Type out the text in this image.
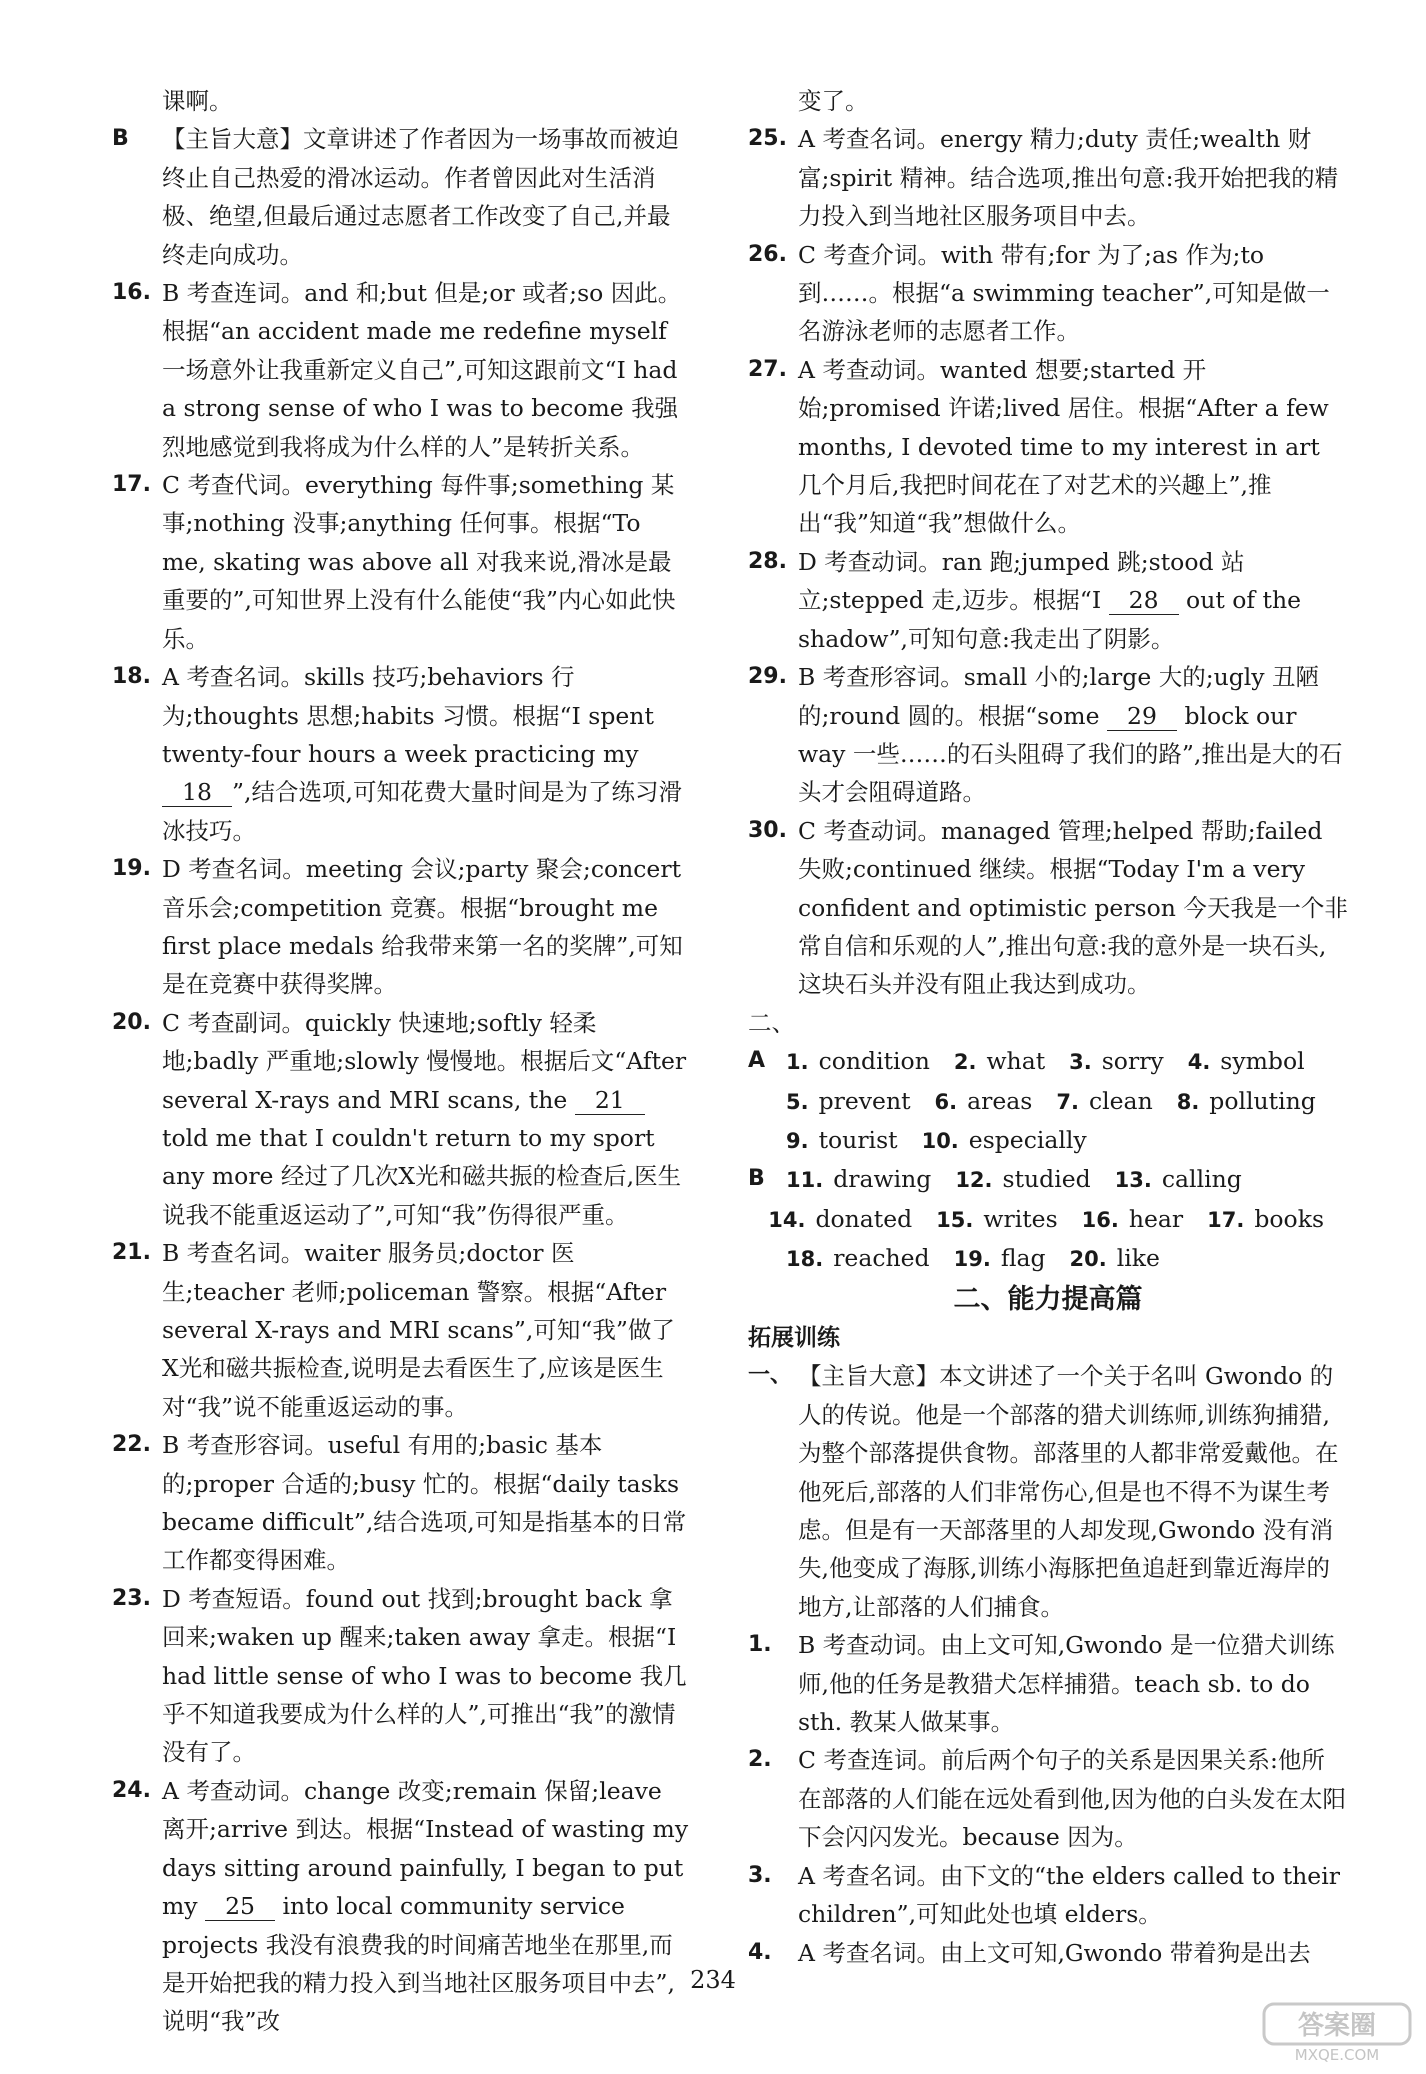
课啊。

B 【主旨大意】文章讲述了作者因为一场事故而被迫终止自己热爱的滑冰运动。作者曾因此对生活消极、绝望,但最后通过志愿者工作改变了自己,并最终走向成功。

16. B 考查连词。and 和;but 但是;or 或者;so 因此。根据“an accident made me redefine myself 一场意外让我重新定义自己”,可知这跟前文“I had a strong sense of who I was to become 我强烈地感觉到我将成为什么样的人”是转折关系。

17. C 考查代词。everything 每件事;something 某事;nothing 没事;anything 任何事。根据“To me, skating was above all 对我来说,滑冰是最重要的”,可知世界上没有什么能使“我”内心如此快乐。

18. A 考查名词。skills 技巧;behaviors 行为;thoughts 思想;habits 习惯。根据“I spent twenty-four hours a week practicing my 18 ”,结合选项,可知花费大量时间是为了练习滑冰技巧。

19. D 考查名词。meeting 会议;party 聚会;concert 音乐会;competition 竞赛。根据“brought me first place medals 给我带来第一名的奖牌”,可知是在竞赛中获得奖牌。

20. C 考查副词。quickly 快速地;softly 轻柔地;badly 严重地;slowly 慢慢地。根据后文“After several X-rays and MRI scans, the 21 told me that I couldn't return to my sport any more 经过了几次X光和磁共振的检查后,医生说我不能重返运动了”,可知“我”伤得很严重。

21. B 考查名词。waiter 服务员;doctor 医生;teacher 老师;policeman 警察。根据“After several X-rays and MRI scans”,可知“我”做了X光和磁共振检查,说明是去看医生了,应该是医生对“我”说不能重返运动的事。

22. B 考查形容词。useful 有用的;basic 基本的;proper 合适的;busy 忙的。根据“daily tasks became difficult”,结合选项,可知是指基本的日常工作都变得困难。

23. D 考查短语。found out 找到;brought back 拿回来;waken up 醒来;taken away 拿走。根据“I had little sense of who I was to become 我几乎不知道我要成为什么样的人”,可推出“我”的激情没有了。

24. A 考查动词。change 改变;remain 保留;leave 离开;arrive 到达。根据“Instead of wasting my days sitting around painfully, I began to put my 25 into local community service projects 我没有浪费我的时间痛苦地坐在那里,而是开始把我的精力投入到当地社区服务项目中去”,说明“我”改

变了。

25. A 考查名词。energy 精力;duty 责任;wealth 财富;spirit 精神。结合选项,推出句意:我开始把我的精力投入到当地社区服务项目中去。

26. C 考查介词。with 带有;for 为了;as 作为;to 到……。根据“a swimming teacher”,可知是做一名游泳老师的志愿者工作。

27. A 考查动词。wanted 想要;started 开始;promised 许诺;lived 居住。根据“After a few months, I devoted time to my interest in art 几个月后,我把时间花在了对艺术的兴趣上”,推出“我”知道“我”想做什么。

28. D 考查动词。ran 跑;jumped 跳;stood 站立;stepped 走,迈步。根据“I 28 out of the shadow”,可知句意:我走出了阴影。

29. B 考查形容词。small 小的;large 大的;ugly 丑陋的;round 圆的。根据“some 29 block our way 一些……的石头阻碍了我们的路”,推出是大的石头才会阻碍道路。

30. C 考查动词。managed 管理;helped 帮助;failed 失败;continued 继续。根据“Today I'm a very confident and optimistic person 今天我是一个非常自信和乐观的人”,推出句意:我的意外是一块石头,这块石头并没有阻止我达到成功。

二、

A 1. condition 2. what 3. sorry 4. symbol
5. prevent 6. areas 7. clean 8. polluting
9. tourist 10. especially
B	11. drawing 12. studied 13. calling
14. donated 15. writes 16. hear 17. books
18. reached 19. flag 20. like
二、能力提高篇
拓展训练

一、 【主旨大意】本文讲述了一个关于名叫 Gwondo 的人的传说。他是一个部落的猎犬训练师,训练狗捕猎,为整个部落提供食物。部落里的人都非常爱戴他。在他死后,部落的人们非常伤心,但是也不得不为谋生考虑。但是有一天部落里的人却发现,Gwondo 没有消失,他变成了海豚,训练小海豚把鱼追赶到靠近海岸的地方,让部落的人们捕食。

1. B 考查动词。由上文可知,Gwondo 是一位猎犬训练师,他的任务是教猎犬怎样捕猎。teach sb. to do sth. 教某人做某事。

2. C 考查连词。前后两个句子的关系是因果关系:他所在部落的人们能在远处看到他,因为他的白头发在太阳下会闪闪发光。because 因为。

3. A 考查名词。由下文的“the elders called to their children”,可知此处也填 elders。

4. A 考查名词。由上文可知,Gwondo 带着狗是出去

234
答案圈
MXQE.COM
